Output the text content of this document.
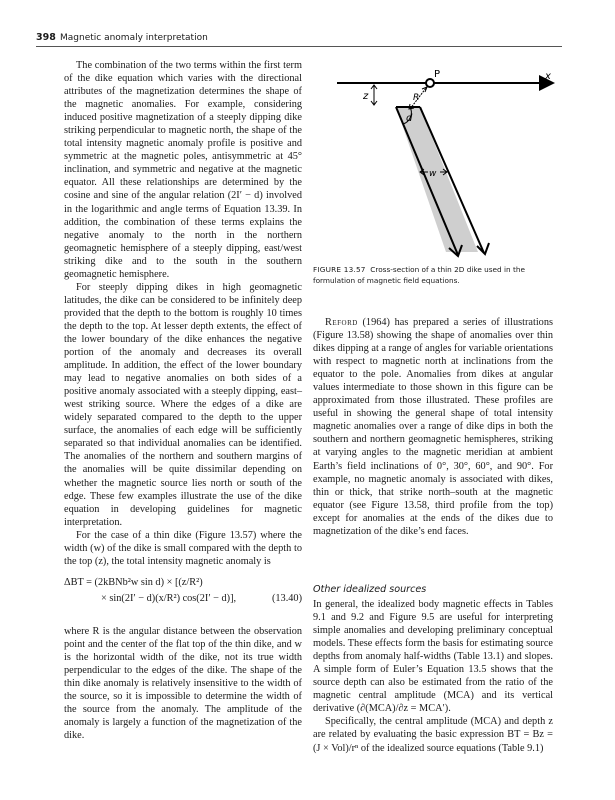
398 Magnetic anomaly interpretation

The combination of the two terms within the first term of the dike equation which varies with the directional attributes of the magnetization determines the shape of the magnetic anomalies. For example, considering induced positive magnetization of a steeply dipping dike striking perpendicular to magnetic north, the shape of the total intensity magnetic anomaly profile is positive and symmetric at the magnetic poles, antisymmetric at 45° inclination, and symmetric and negative at the magnetic equator. All these relationships are determined by the cosine and sine of the angular relation (2I′ − d) involved in the logarithmic and angle terms of Equation 13.39. In addition, the combination of these terms explains the negative anomaly to the north in the northern geomagnetic hemisphere of a steeply dipping, east/west striking dike and to the south in the southern geomagnetic hemisphere.

For steeply dipping dikes in high geomagnetic latitudes, the dike can be considered to be infinitely deep provided that the depth to the bottom is roughly 10 times the depth to the top. At lesser depth extents, the effect of the lower boundary of the dike enhances the negative portion of the anomaly and decreases its overall amplitude. In addition, the effect of the lower boundary may lead to negative anomalies on both sides of a positive anomaly associated with a steeply dipping, east–west striking source. Where the edges of a dike are widely separated compared to the depth to the upper surface, the anomalies of each edge will be sufficiently separated so that individual anomalies can be identified. The anomalies of the northern and southern margins of the anomalies will be quite dissimilar depending on whether the magnetic source lies north or south of the edge. These few examples illustrate the use of the dike equation in developing guidelines for magnetic interpretation.

For the case of a thin dike (Figure 13.57) where the width (w) of the dike is small compared with the depth to the top (z), the total intensity magnetic anomaly is

ΔBT = (2kBNb²w sin d) × [(z/R²)
× sin(2I′ − d)(x/R²) cos(2I′ − d)],	(13.40)

where R is the angular distance between the observation point and the center of the flat top of the thin dike, and w is the horizontal width of the dike, not its true width perpendicular to the edges of the dike. The shape of the thin dike anomaly is relatively insensitive to the width of the source, so it is impossible to determine the width of the source from the anomaly. The amplitude of the anomaly is largely a function of the magnetization of the dike.

z	R
d
w
P	x
FIGURE 13.57 Cross-section of a thin 2D dike used in the formulation of magnetic field equations.

Reford (1964) has prepared a series of illustrations (Figure 13.58) showing the shape of anomalies over thin dikes dipping at a range of angles for variable orientations with respect to magnetic north at inclinations from the equator to the pole. Anomalies from dikes at angular values intermediate to those shown in this figure can be approximated from those illustrated. These profiles are useful in showing the general shape of total intensity magnetic anomalies over a range of dike dips in both the southern and northern geomagnetic hemispheres, striking at varying angles to the magnetic meridian at ambient Earth’s field inclinations of 0°, 30°, 60°, and 90°. For example, no magnetic anomaly is associated with dikes, thin or thick, that strike north–south at the magnetic equator (see Figure 13.58, third profile from the top) except for anomalies at the ends of the dikes due to magnetization of the dike’s end faces.

Other idealized sources

In general, the idealized body magnetic effects in Tables 9.1 and 9.2 and Figure 9.5 are useful for interpreting simple anomalies and developing preliminary conceptual models. These effects form the basis for estimating source depths from anomaly half-widths (Table 13.1) and slopes. A simple form of Euler’s Equation 13.5 shows that the source depth can also be estimated from the ratio of the magnetic central amplitude (MCA) and its vertical derivative (∂(MCA)/∂z = MCA′).

Specifically, the central amplitude (MCA) and depth z are related by evaluating the basic expression BT = Bz = (J × Vol)/rⁿ of the idealized source equations (Table 9.1)
